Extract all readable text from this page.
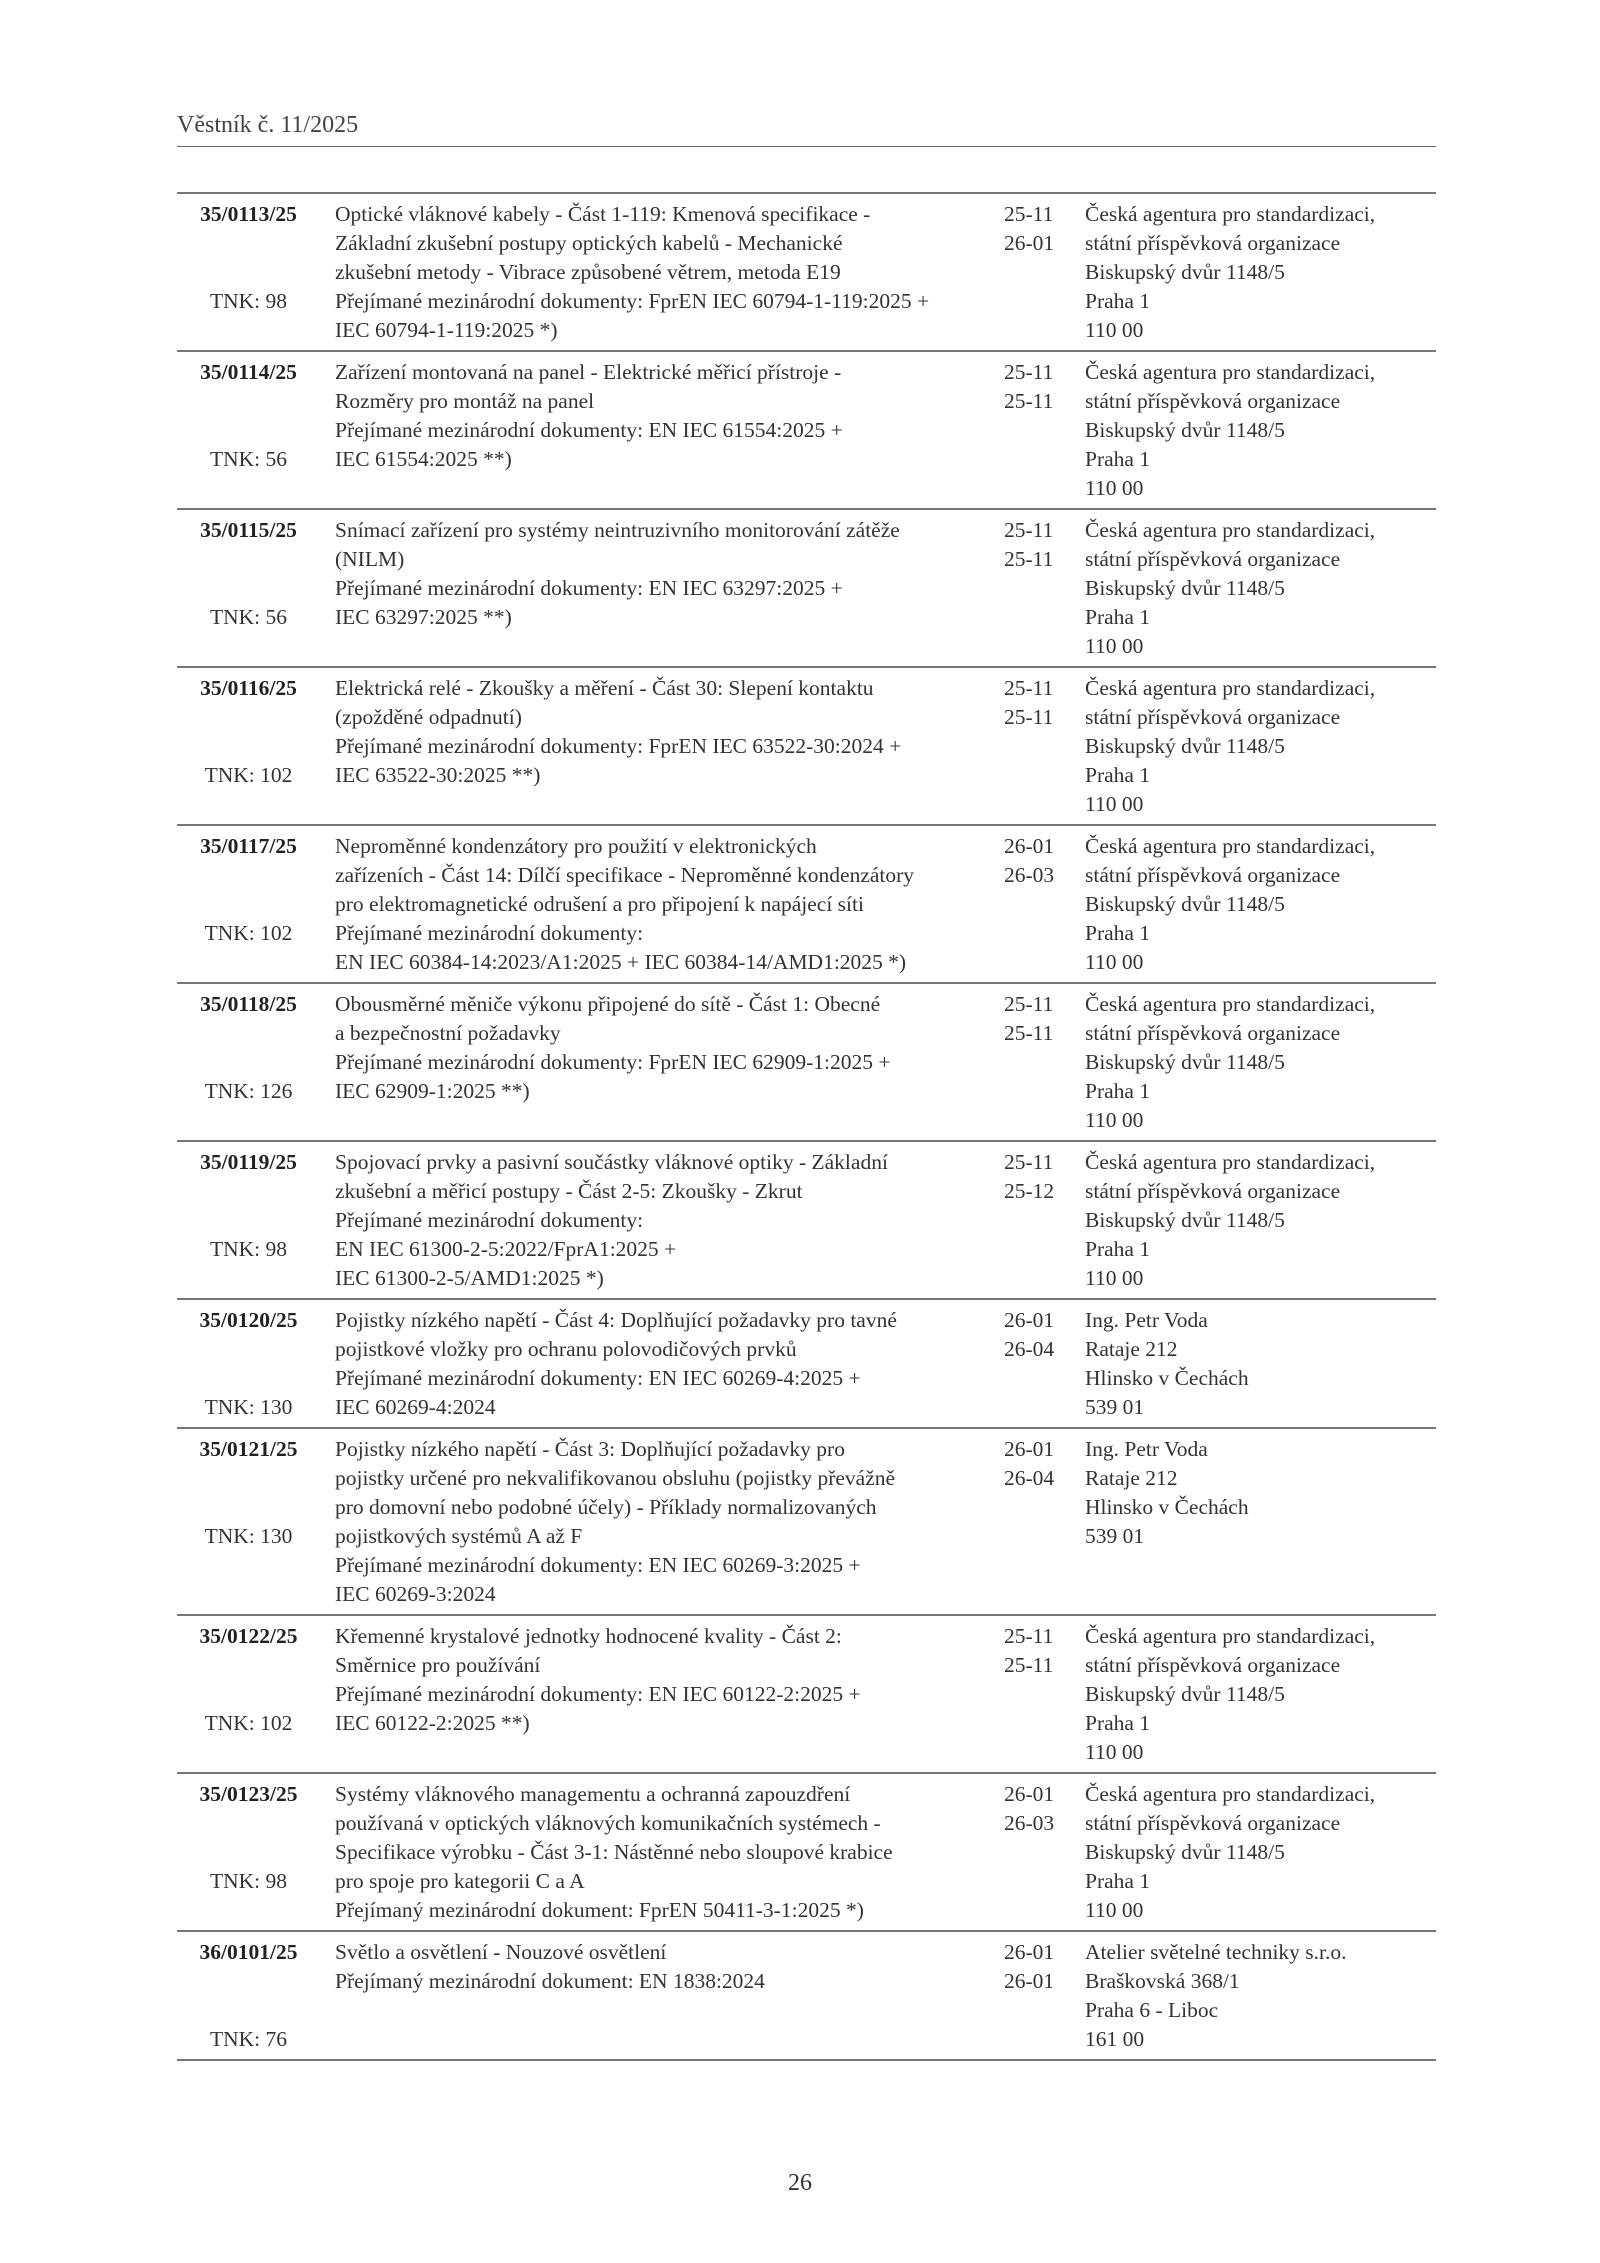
Věstník č. 11/2025
35/0113/25
TNK: 98
Optické vláknové kabely - Část 1-119: Kmenová specifikace -
Základní zkušební postupy optických kabelů - Mechanické
zkušební metody - Vibrace způsobené větrem, metoda E19
Přejímané mezinárodní dokumenty: FprEN IEC 60794-1-119:2025 +
IEC 60794-1-119:2025 *)
25-11
26-01
Česká agentura pro standardizaci,
státní příspěvková organizace
Biskupský dvůr 1148/5
Praha 1
110 00
35/0114/25
TNK: 56
Zařízení montovaná na panel - Elektrické měřicí přístroje -
Rozměry pro montáž na panel
Přejímané mezinárodní dokumenty: EN IEC 61554:2025 +
IEC 61554:2025 **)
25-11
25-11
Česká agentura pro standardizaci,
státní příspěvková organizace
Biskupský dvůr 1148/5
Praha 1
110 00
35/0115/25
TNK: 56
Snímací zařízení pro systémy neintruzivního monitorování zátěže
(NILM)
Přejímané mezinárodní dokumenty: EN IEC 63297:2025 +
IEC 63297:2025 **)
25-11
25-11
Česká agentura pro standardizaci,
státní příspěvková organizace
Biskupský dvůr 1148/5
Praha 1
110 00
35/0116/25
TNK: 102
Elektrická relé - Zkoušky a měření - Část 30: Slepení kontaktu
(zpožděné odpadnutí)
Přejímané mezinárodní dokumenty: FprEN IEC 63522-30:2024 +
IEC 63522-30:2025 **)
25-11
25-11
Česká agentura pro standardizaci,
státní příspěvková organizace
Biskupský dvůr 1148/5
Praha 1
110 00
35/0117/25
TNK: 102
Neproměnné kondenzátory pro použití v elektronických
zařízeních - Část 14: Dílčí specifikace - Neproměnné kondenzátory
pro elektromagnetické odrušení a pro připojení k napájecí síti
Přejímané mezinárodní dokumenty:
EN IEC 60384-14:2023/A1:2025 + IEC 60384-14/AMD1:2025 *)
26-01
26-03
Česká agentura pro standardizaci,
státní příspěvková organizace
Biskupský dvůr 1148/5
Praha 1
110 00
35/0118/25
TNK: 126
Obousměrné měniče výkonu připojené do sítě - Část 1: Obecné
a bezpečnostní požadavky
Přejímané mezinárodní dokumenty: FprEN IEC 62909-1:2025 +
IEC 62909-1:2025 **)
25-11
25-11
Česká agentura pro standardizaci,
státní příspěvková organizace
Biskupský dvůr 1148/5
Praha 1
110 00
35/0119/25
TNK: 98
Spojovací prvky a pasivní součástky vláknové optiky - Základní
zkušební a měřicí postupy - Část 2-5: Zkoušky - Zkrut
Přejímané mezinárodní dokumenty:
EN IEC 61300-2-5:2022/FprA1:2025 +
IEC 61300-2-5/AMD1:2025 *)
25-11
25-12
Česká agentura pro standardizaci,
státní příspěvková organizace
Biskupský dvůr 1148/5
Praha 1
110 00
35/0120/25
TNK: 130
Pojistky nízkého napětí - Část 4: Doplňující požadavky pro tavné
pojistkové vložky pro ochranu polovodičových prvků
Přejímané mezinárodní dokumenty: EN IEC 60269-4:2025 +
IEC 60269-4:2024
26-01
26-04
Ing. Petr Voda
Rataje 212
Hlinsko v Čechách
539 01
35/0121/25
TNK: 130
Pojistky nízkého napětí - Část 3: Doplňující požadavky pro
pojistky určené pro nekvalifikovanou obsluhu (pojistky převážně
pro domovní nebo podobné účely) - Příklady normalizovaných
pojistkových systémů A až F
Přejímané mezinárodní dokumenty: EN IEC 60269-3:2025 +
IEC 60269-3:2024
26-01
26-04
Ing. Petr Voda
Rataje 212
Hlinsko v Čechách
539 01
35/0122/25
TNK: 102
Křemenné krystalové jednotky hodnocené kvality - Část 2:
Směrnice pro používání
Přejímané mezinárodní dokumenty: EN IEC 60122-2:2025 +
IEC 60122-2:2025 **)
25-11
25-11
Česká agentura pro standardizaci,
státní příspěvková organizace
Biskupský dvůr 1148/5
Praha 1
110 00
35/0123/25
TNK: 98
Systémy vláknového managementu a ochranná zapouzdření
používaná v optických vláknových komunikačních systémech -
Specifikace výrobku - Část 3-1: Nástěnné nebo sloupové krabice
pro spoje pro kategorii C a A
Přejímaný mezinárodní dokument: FprEN 50411-3-1:2025 *)
26-01
26-03
Česká agentura pro standardizaci,
státní příspěvková organizace
Biskupský dvůr 1148/5
Praha 1
110 00
36/0101/25
TNK: 76
Světlo a osvětlení - Nouzové osvětlení
Přejímaný mezinárodní dokument: EN 1838:2024
26-01
26-01
Atelier světelné techniky s.r.o.
Braškovská 368/1
Praha 6 - Liboc
161 00
26
